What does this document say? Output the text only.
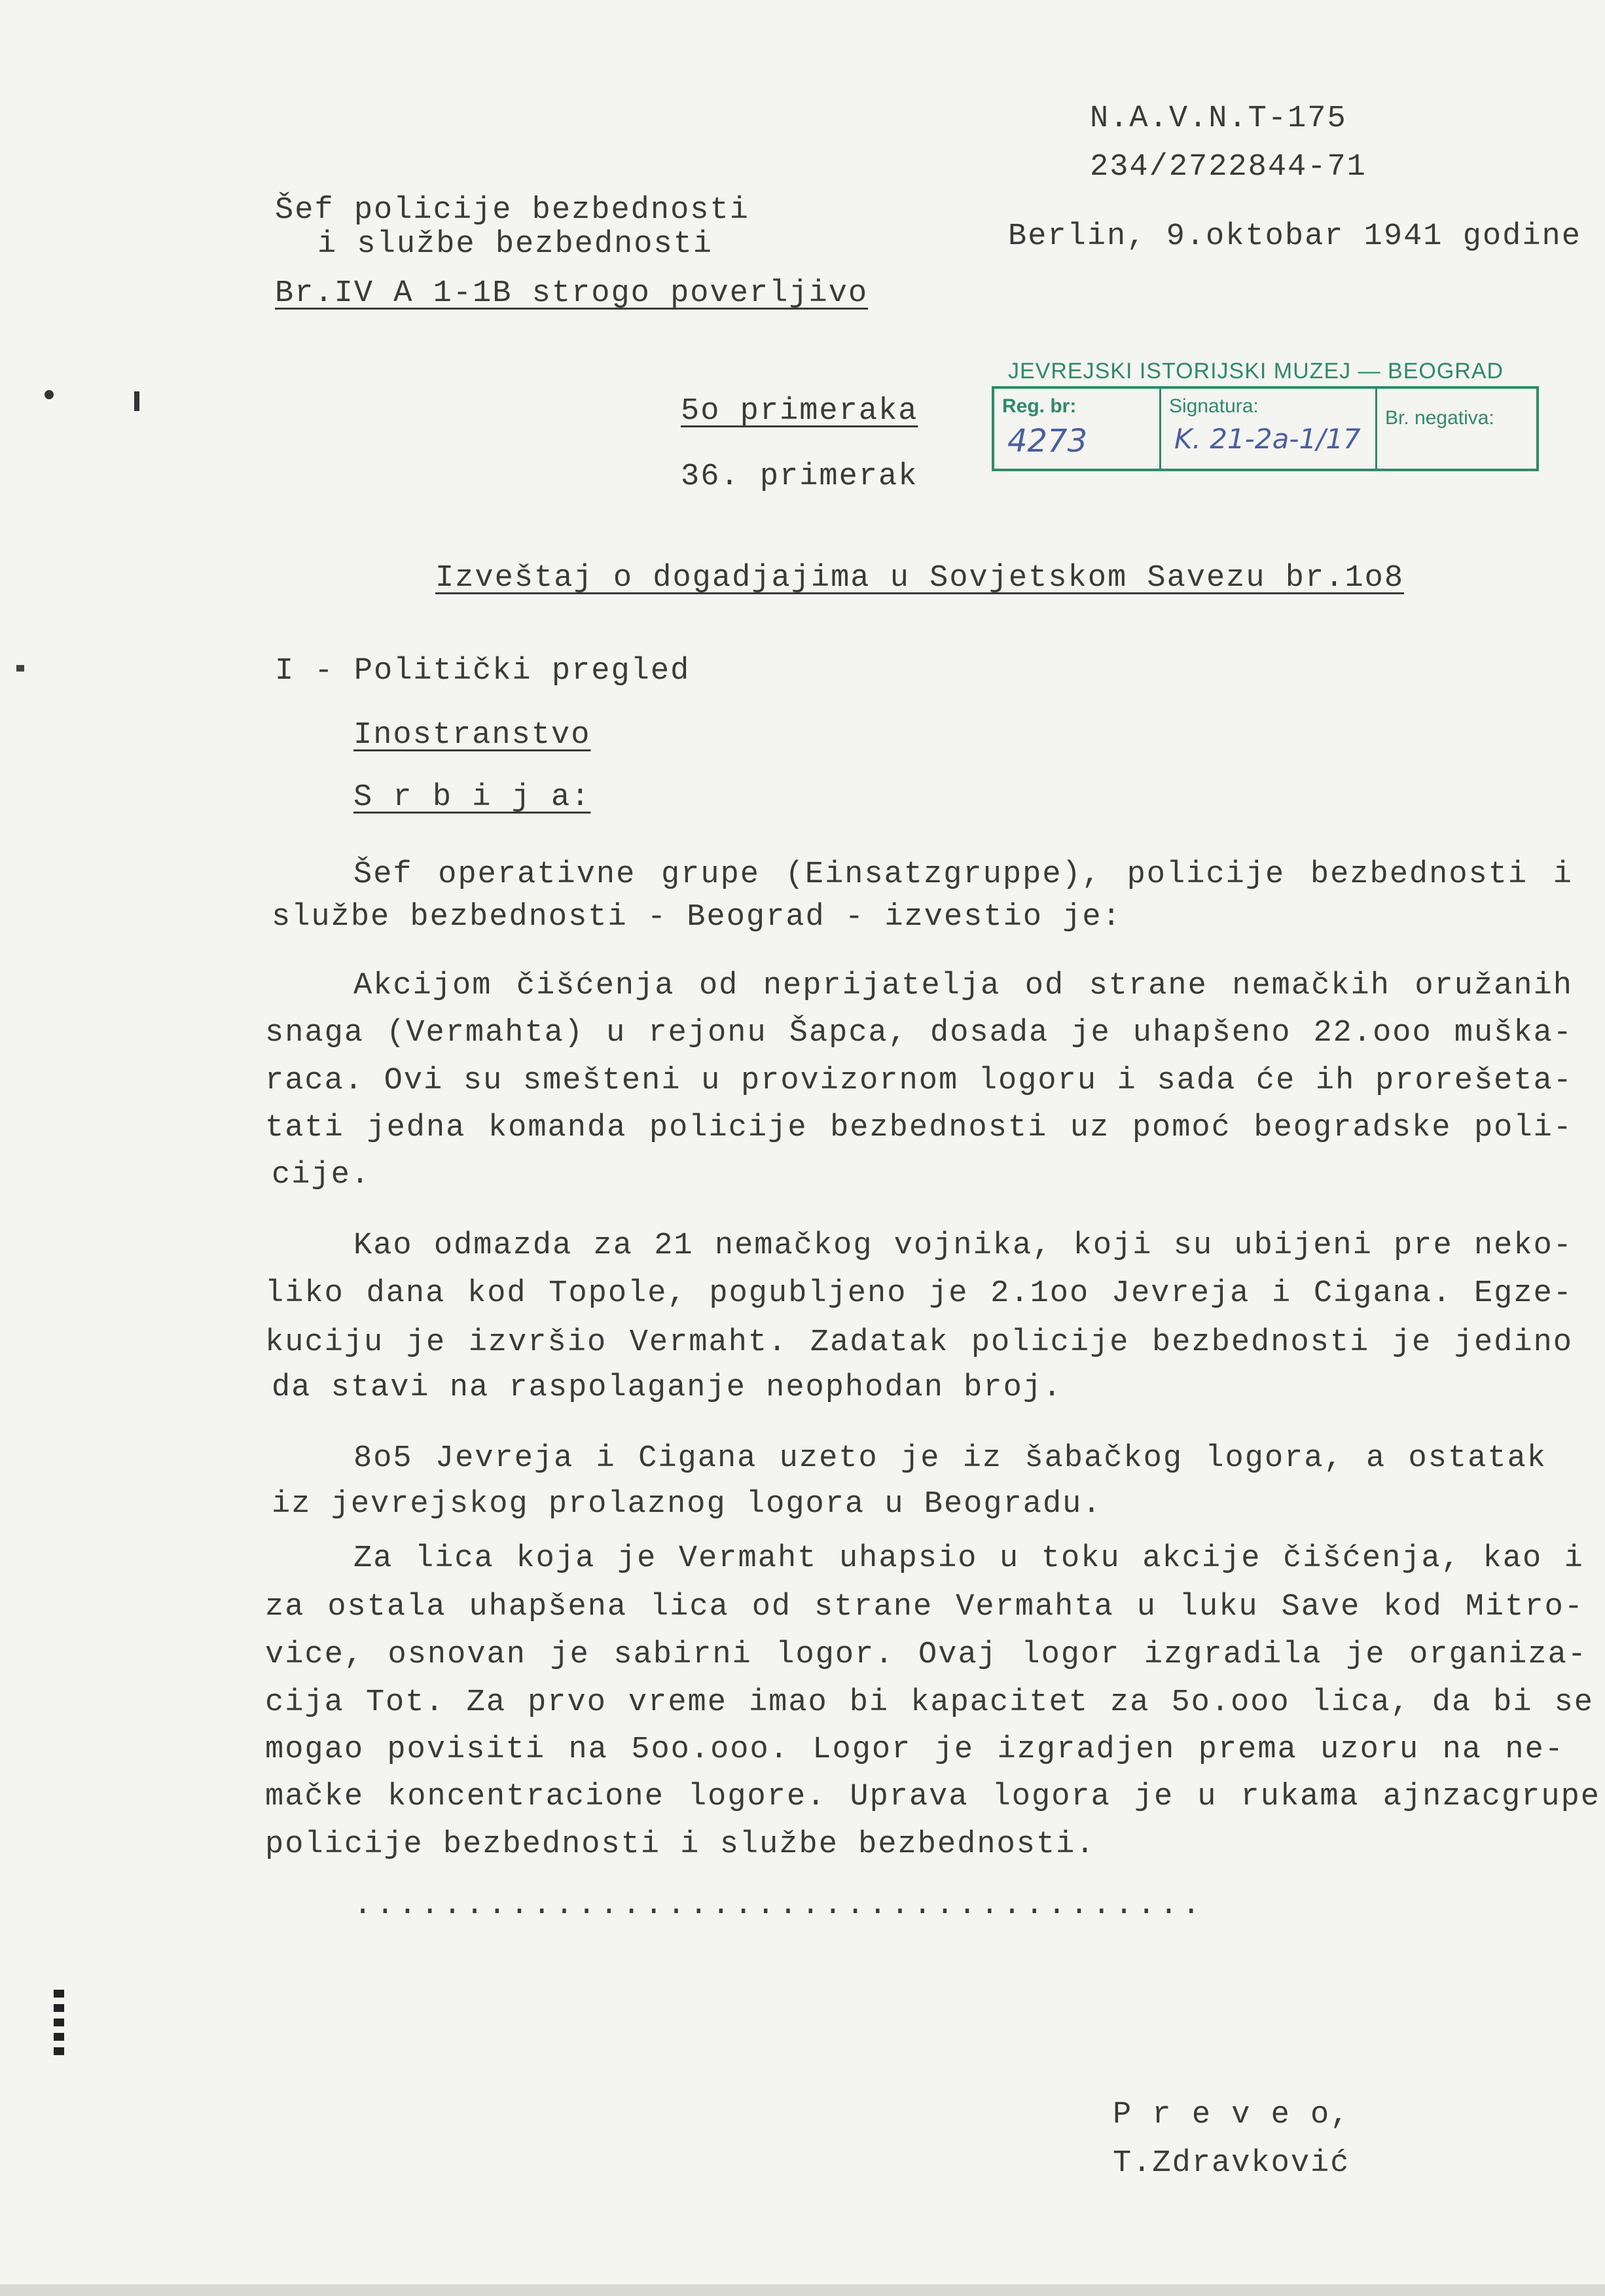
N.A.V.N.T-175
234/2722844-71
Šef policije bezbednosti
i službe bezbednosti
Br.IV A 1-1B strogo poverljivo
Berlin, 9.oktobar 1941 godine
5o primeraka
36. primerak
JEVREJSKI ISTORIJSKI MUZEJ — BEOGRAD
Reg. br:
4273
Signatura:
K. 21-2a-1/17
Br. negativa:
Izveštaj o dogadjajima u Sovjetskom Savezu br.1o8
I - Politički pregled
Inostranstvo
S r b i j a:
Šef operativne grupe (Einsatzgruppe), policije bezbednosti i
službe bezbednosti - Beograd - izvestio je:
Akcijom čišćenja od neprijatelja od strane nemačkih oružanih
snaga (Vermahta) u rejonu Šapca, dosada je uhapšeno 22.ooo muška-
raca. Ovi su smešteni u provizornom logoru i sada će ih prorešeta-
tati jedna komanda policije bezbednosti uz pomoć beogradske poli-
cije.
Kao odmazda za 21 nemačkog vojnika, koji su ubijeni pre neko-
liko dana kod Topole, pogubljeno je 2.1oo Jevreja i Cigana. Egze-
kuciju je izvršio Vermaht. Zadatak policije bezbednosti je jedino
da stavi na raspolaganje neophodan broj.
8o5 Jevreja i Cigana uzeto je iz šabačkog logora, a ostatak
iz jevrejskog prolaznog logora u Beogradu.
Za lica koja je Vermaht uhapsio u toku akcije čišćenja, kao i
za ostala uhapšena lica od strane Vermahta u luku Save kod Mitro-
vice, osnovan je sabirni logor. Ovaj logor izgradila je organiza-
cija Tot. Za prvo vreme imao bi kapacitet za 5o.ooo lica, da bi se
mogao povisiti na 5oo.ooo. Logor je izgradjen prema uzoru na ne-
mačke koncentracione logore. Uprava logora je u rukama ajnzacgrupe
policije bezbednosti i službe bezbednosti.
......................................
P r e v e o,
T.Zdravković
